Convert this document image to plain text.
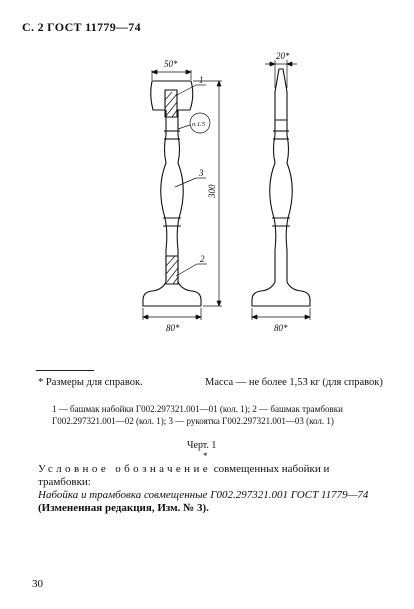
С. 2 ГОСТ 11779—74
50*
20*
300
80*	80*
1
3
2
п.1.5
* Размеры для справок.	Масса — не более 1,53 кг (для справок)
1 — башмак набойки Г002.297321.001—01 (кол. 1); 2 — башмак трамбовки
Г002.297321.001—02 (кол. 1); 3 — рукоятка Г002.297321.001—03 (кол. 1)
Черт. 1
*
Условное обозначение совмещенных набойки и
трамбовки:
Набойка и трамбовка совмещенные Г002.297321.001 ГОСТ 11779—74
(Измененная редакция, Изм. № 3).
30
